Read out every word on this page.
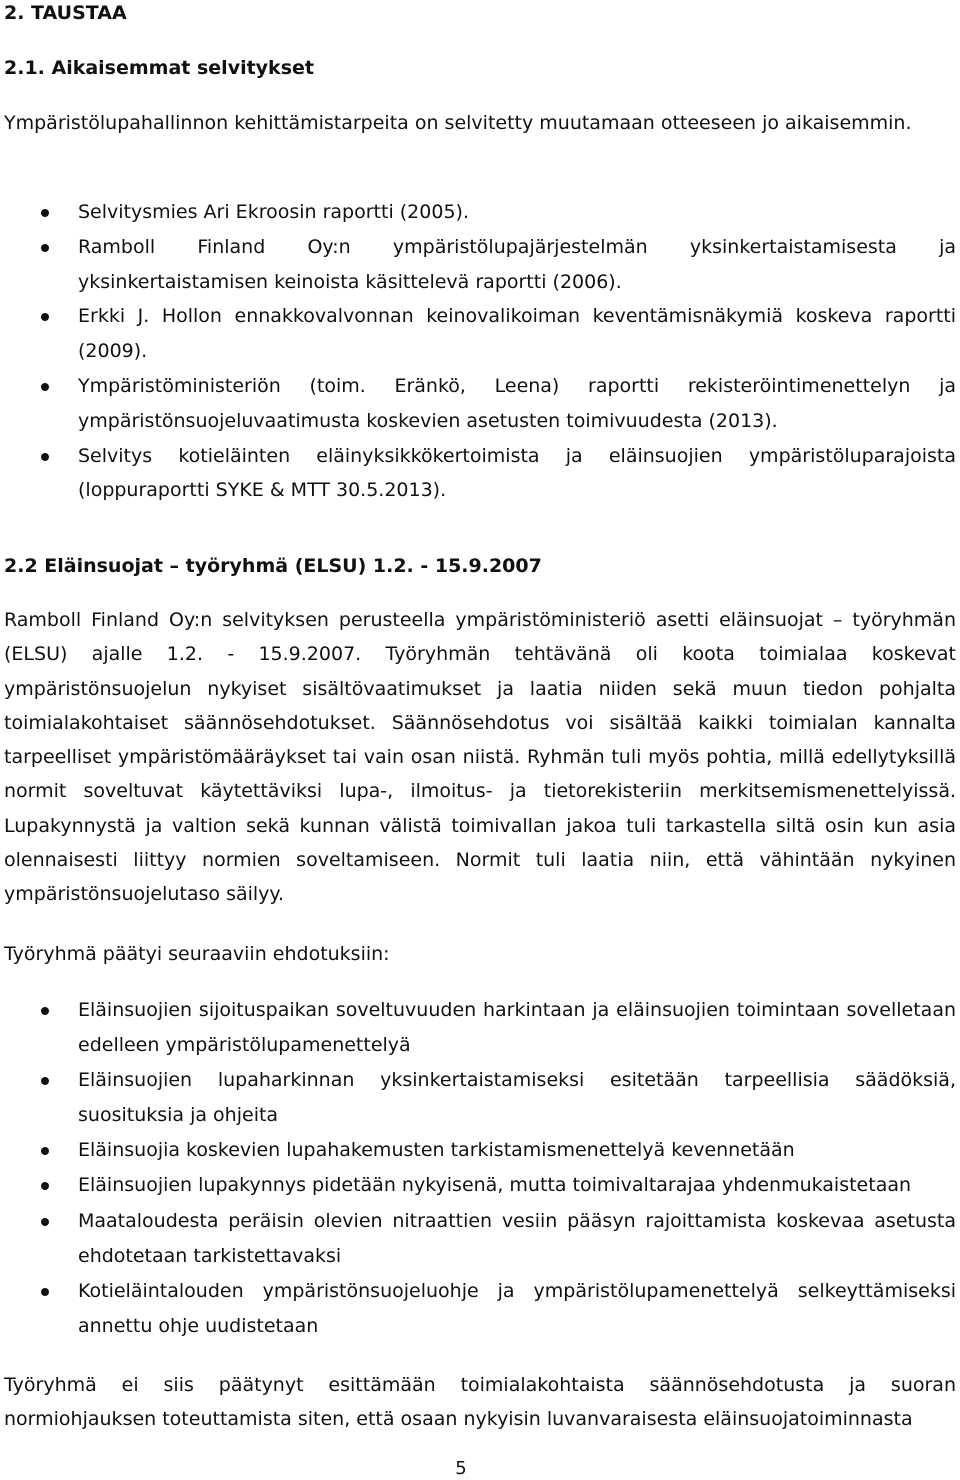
2. TAUSTAA
2.1. Aikaisemmat selvitykset
Ympäristölupahallinnon kehittämistarpeita on selvitetty muutamaan otteeseen jo aikaisemmin.
Selvitysmies Ari Ekroosin raportti (2005).
Ramboll Finland Oy:n ympäristölupajärjestelmän yksinkertaistamisesta ja yksinkertaistamisen keinoista käsittelevä raportti (2006).
Erkki J. Hollon ennakkovalvonnan keinovalikoiman keventämisnäkymiä koskeva raportti (2009).
Ympäristöministeriön (toim. Eränkö, Leena) raportti rekisteröintimenettelyn ja ympäristönsuojeluvaatimusta koskevien asetusten toimivuudesta (2013).
Selvitys kotieläinten eläinyksikkökertoimista ja eläinsuojien ympäristöluparajoista (loppuraportti SYKE & MTT 30.5.2013).
2.2 Eläinsuojat – työryhmä (ELSU) 1.2. - 15.9.2007
Ramboll Finland Oy:n selvityksen perusteella ympäristöministeriö asetti eläinsuojat – työryhmän (ELSU) ajalle 1.2. - 15.9.2007. Työryhmän tehtävänä oli koota toimialaa koskevat ympäristönsuojelun nykyiset sisältövaatimukset ja laatia niiden sekä muun tiedon pohjalta toimialakohtaiset säännösehdotukset. Säännösehdotus voi sisältää kaikki toimialan kannalta tarpeelliset ympäristömääräykset tai vain osan niistä. Ryhmän tuli myös pohtia, millä edellytyksillä normit soveltuvat käytettäviksi lupa-, ilmoitus- ja tietorekisteriin merkitsemismenettelyissä. Lupakynnystä ja valtion sekä kunnan välistä toimivallan jakoa tuli tarkastella siltä osin kun asia olennaisesti liittyy normien soveltamiseen. Normit tuli laatia niin, että vähintään nykyinen ympäristönsuojelutaso säilyy.
Työryhmä päätyi seuraaviin ehdotuksiin:
Eläinsuojien sijoituspaikan soveltuvuuden harkintaan ja eläinsuojien toimintaan sovelletaan edelleen ympäristölupamenettelyä
Eläinsuojien lupaharkinnan yksinkertaistamiseksi esitetään tarpeellisia säädöksiä, suosituksia ja ohjeita
Eläinsuojia koskevien lupahakemusten tarkistamismenettelyä kevennetään
Eläinsuojien lupakynnys pidetään nykyisenä, mutta toimivaltarajaa yhdenmukaistetaan
Maataloudesta peräisin olevien nitraattien vesiin pääsyn rajoittamista koskevaa asetusta ehdotetaan tarkistettavaksi
Kotieläintalouden ympäristönsuojeluohje ja ympäristölupamenettelyä selkeyttämiseksi annettu ohje uudistetaan
Työryhmä ei siis päätynyt esittämään toimialakohtaista säännösehdotusta ja suoran normiohjauksen toteuttamista siten, että osaan nykyisin luvanvaraisesta eläinsuojatoiminnasta
5
